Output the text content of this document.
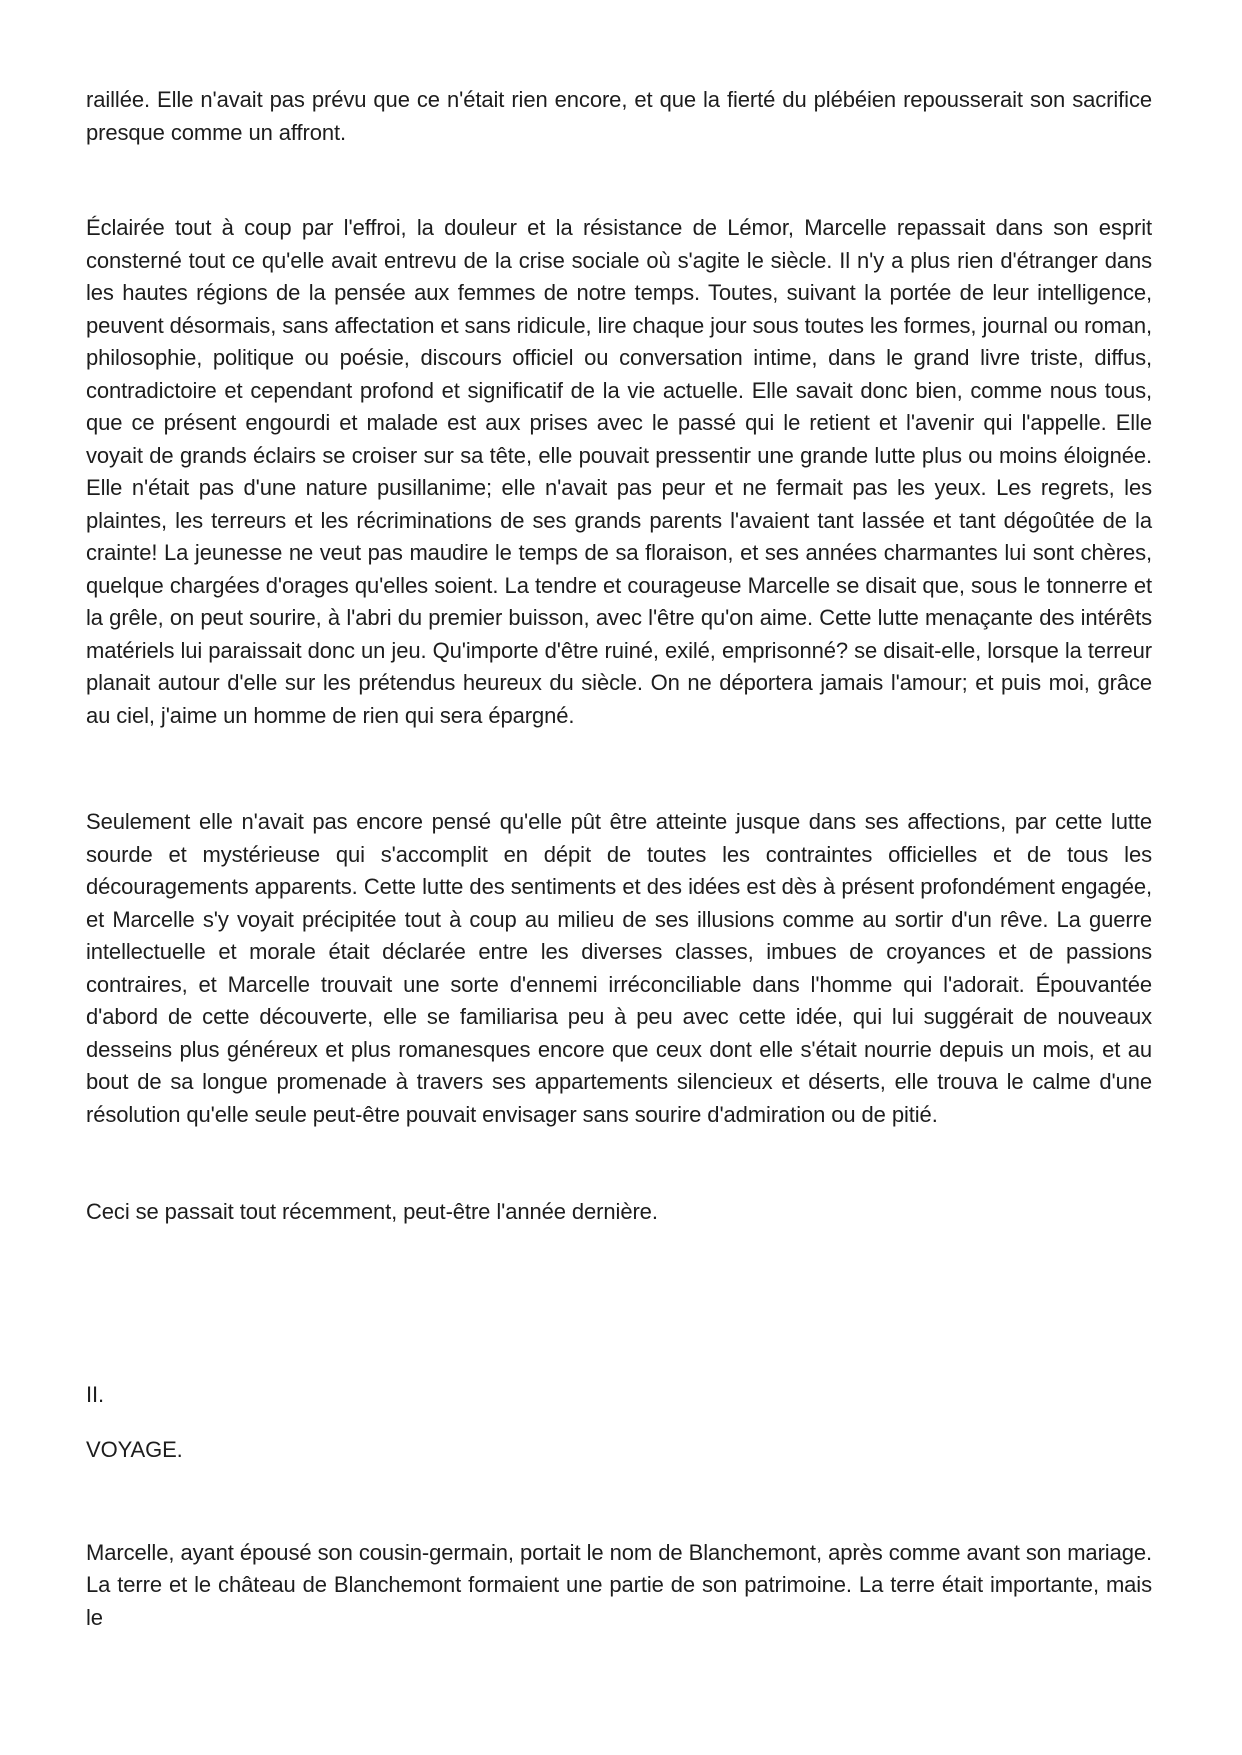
raillée. Elle n'avait pas prévu que ce n'était rien encore, et que la fierté du plébéien repousserait son sacrifice presque comme un affront.

Éclairée tout à coup par l'effroi, la douleur et la résistance de Lémor, Marcelle repassait dans son esprit consterné tout ce qu'elle avait entrevu de la crise sociale où s'agite le siècle. Il n'y a plus rien d'étranger dans les hautes régions de la pensée aux femmes de notre temps. Toutes, suivant la portée de leur intelligence, peuvent désormais, sans affectation et sans ridicule, lire chaque jour sous toutes les formes, journal ou roman, philosophie, politique ou poésie, discours officiel ou conversation intime, dans le grand livre triste, diffus, contradictoire et cependant profond et significatif de la vie actuelle. Elle savait donc bien, comme nous tous, que ce présent engourdi et malade est aux prises avec le passé qui le retient et l'avenir qui l'appelle. Elle voyait de grands éclairs se croiser sur sa tête, elle pouvait pressentir une grande lutte plus ou moins éloignée. Elle n'était pas d'une nature pusillanime; elle n'avait pas peur et ne fermait pas les yeux. Les regrets, les plaintes, les terreurs et les récriminations de ses grands parents l'avaient tant lassée et tant dégoûtée de la crainte! La jeunesse ne veut pas maudire le temps de sa floraison, et ses années charmantes lui sont chères, quelque chargées d'orages qu'elles soient. La tendre et courageuse Marcelle se disait que, sous le tonnerre et la grêle, on peut sourire, à l'abri du premier buisson, avec l'être qu'on aime. Cette lutte menaçante des intérêts matériels lui paraissait donc un jeu. Qu'importe d'être ruiné, exilé, emprisonné? se disait-elle, lorsque la terreur planait autour d'elle sur les prétendus heureux du siècle. On ne déportera jamais l'amour; et puis moi, grâce au ciel, j'aime un homme de rien qui sera épargné.

Seulement elle n'avait pas encore pensé qu'elle pût être atteinte jusque dans ses affections, par cette lutte sourde et mystérieuse qui s'accomplit en dépit de toutes les contraintes officielles et de tous les découragements apparents. Cette lutte des sentiments et des idées est dès à présent profondément engagée, et Marcelle s'y voyait précipitée tout à coup au milieu de ses illusions comme au sortir d'un rêve. La guerre intellectuelle et morale était déclarée entre les diverses classes, imbues de croyances et de passions contraires, et Marcelle trouvait une sorte d'ennemi irréconciliable dans l'homme qui l'adorait. Épouvantée d'abord de cette découverte, elle se familiarisa peu à peu avec cette idée, qui lui suggérait de nouveaux desseins plus généreux et plus romanesques encore que ceux dont elle s'était nourrie depuis un mois, et au bout de sa longue promenade à travers ses appartements silencieux et déserts, elle trouva le calme d'une résolution qu'elle seule peut-être pouvait envisager sans sourire d'admiration ou de pitié.

Ceci se passait tout récemment, peut-être l'année dernière.

II.

VOYAGE.

Marcelle, ayant épousé son cousin-germain, portait le nom de Blanchemont, après comme avant son mariage. La terre et le château de Blanchemont formaient une partie de son patrimoine. La terre était importante, mais le
